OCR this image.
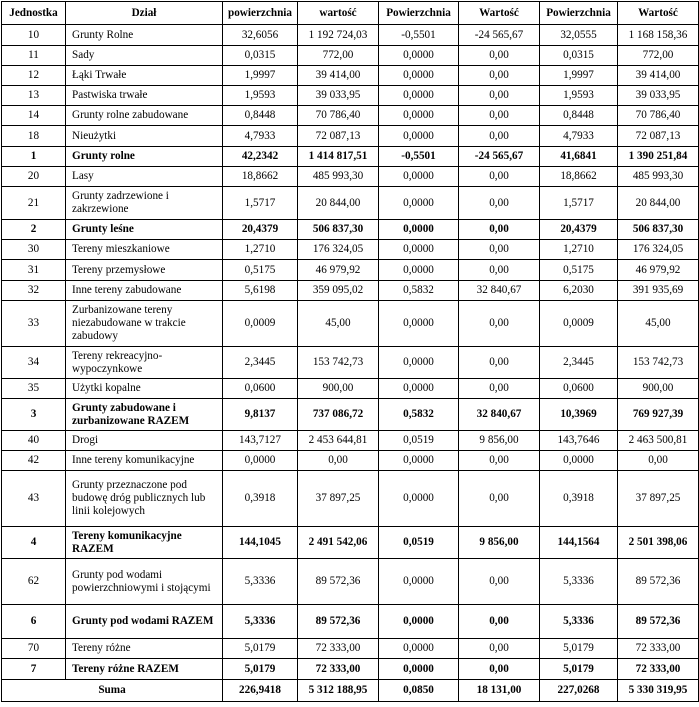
Jednostka	Dział	powierzchnia	wartość	Powierzchnia	Wartość	Powierzchnia	Wartość
10	Grunty Rolne	32,6056	1 192 724,03	-0,5501	-24 565,67	32,0555	1 168 158,36
11	Sady	0,0315	772,00	0,0000	0,00	0,0315	772,00
12	Łąki Trwałe	1,9997	39 414,00	0,0000	0,00	1,9997	39 414,00
13	Pastwiska trwałe	1,9593	39 033,95	0,0000	0,00	1,9593	39 033,95
14	Grunty rolne zabudowane	0,8448	70 786,40	0,0000	0,00	0,8448	70 786,40
18	Nieużytki	4,7933	72 087,13	0,0000	0,00	4,7933	72 087,13
1	Grunty rolne	42,2342	1 414 817,51	-0,5501	-24 565,67	41,6841	1 390 251,84
20	Lasy	18,8662	485 993,30	0,0000	0,00	18,8662	485 993,30
21	Grunty zadrzewione i zakrzewione	1,5717	20 844,00	0,0000	0,00	1,5717	20 844,00
2	Grunty leśne	20,4379	506 837,30	0,0000	0,00	20,4379	506 837,30
30	Tereny mieszkaniowe	1,2710	176 324,05	0,0000	0,00	1,2710	176 324,05
31	Tereny przemysłowe	0,5175	46 979,92	0,0000	0,00	0,5175	46 979,92
32	Inne tereny zabudowane	5,6198	359 095,02	0,5832	32 840,67	6,2030	391 935,69
33	Zurbanizowane tereny niezabudowane w trakcie zabudowy	0,0009	45,00	0,0000	0,00	0,0009	45,00
34	Tereny rekreacyjno-wypoczynkowe	2,3445	153 742,73	0,0000	0,00	2,3445	153 742,73
35	Użytki kopalne	0,0600	900,00	0,0000	0,00	0,0600	900,00
3	Grunty zabudowane i zurbanizowane RAZEM	9,8137	737 086,72	0,5832	32 840,67	10,3969	769 927,39
40	Drogi	143,7127	2 453 644,81	0,0519	9 856,00	143,7646	2 463 500,81
42	Inne tereny komunikacyjne	0,0000	0,00	0,0000	0,00	0,0000	0,00
43	Grunty przeznaczone pod budowę dróg publicznych lub linii kolejowych	0,3918	37 897,25	0,0000	0,00	0,3918	37 897,25
4	Tereny komunikacyjne RAZEM	144,1045	2 491 542,06	0,0519	9 856,00	144,1564	2 501 398,06
62	Grunty pod wodami powierzchniowymi i stojącymi	5,3336	89 572,36	0,0000	0,00	5,3336	89 572,36
6	Grunty pod wodami RAZEM	5,3336	89 572,36	0,0000	0,00	5,3336	89 572,36
70	Tereny różne	5,0179	72 333,00	0,0000	0,00	5,0179	72 333,00
7	Tereny różne RAZEM	5,0179	72 333,00	0,0000	0,00	5,0179	72 333,00
Suma		226,9418	5 312 188,95	0,0850	18 131,00	227,0268	5 330 319,95
